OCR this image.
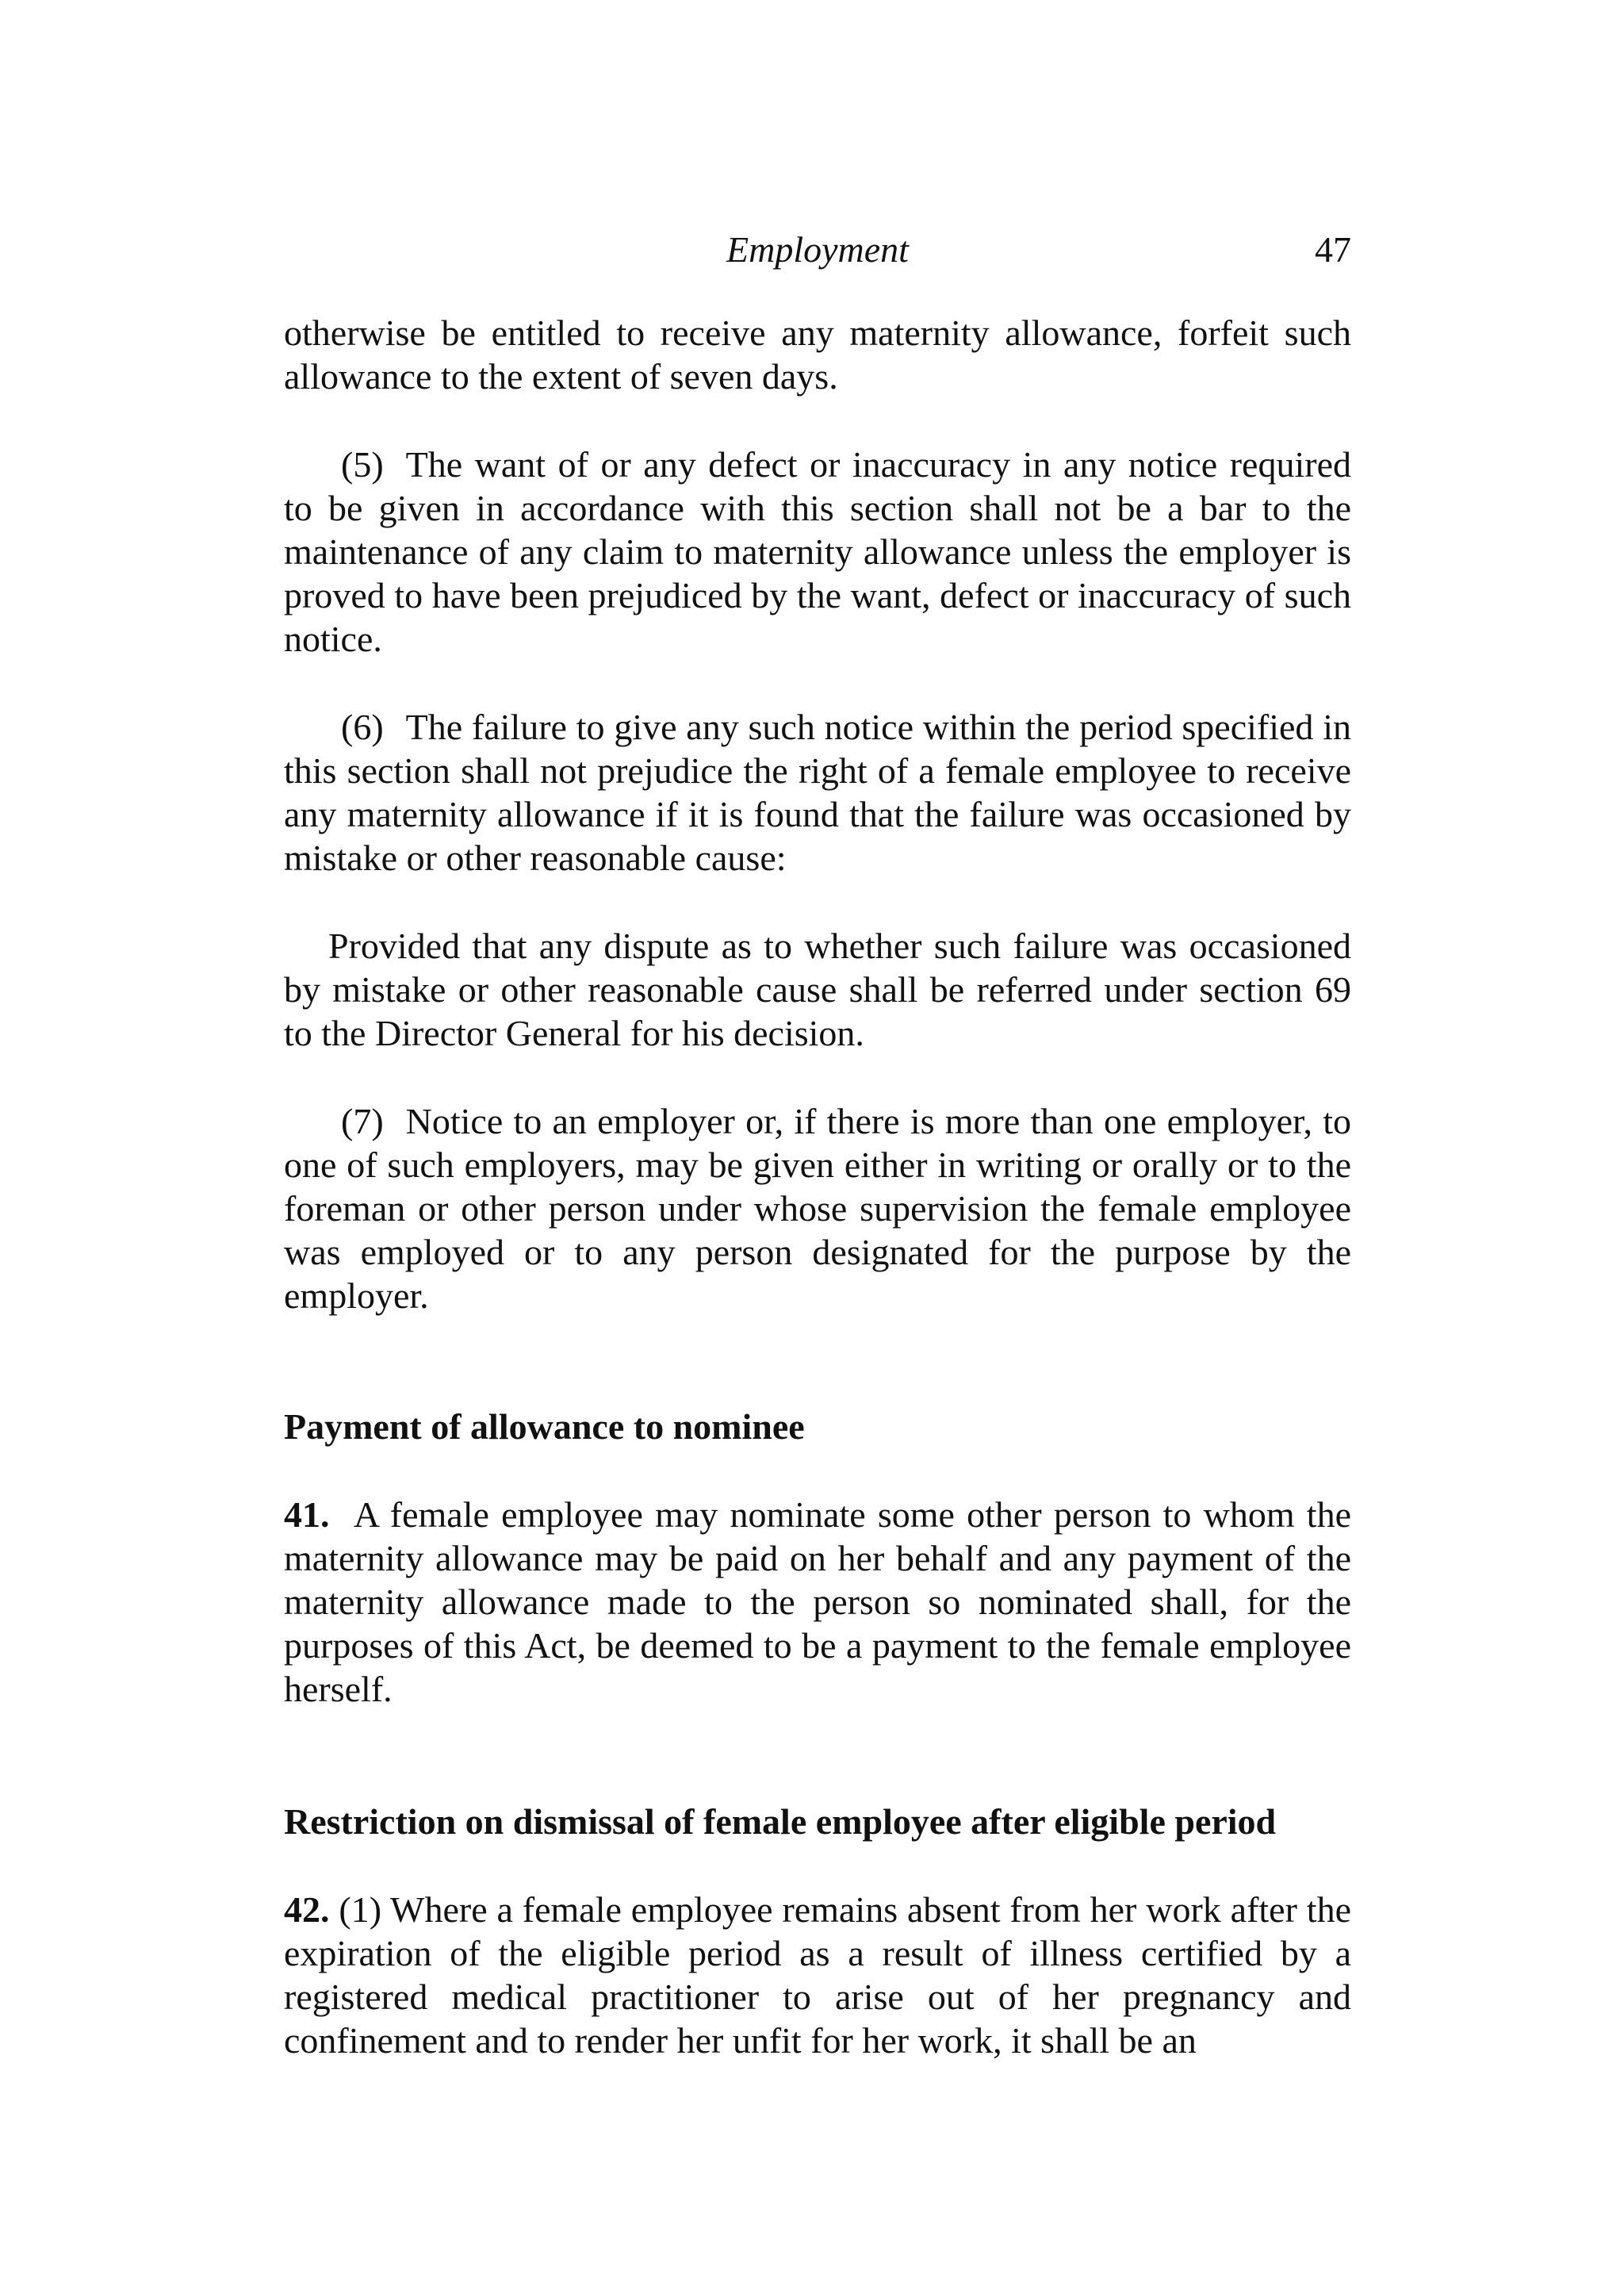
Employment	47

otherwise be entitled to receive any maternity allowance, forfeit such allowance to the extent of seven days.

(5) The want of or any defect or inaccuracy in any notice required to be given in accordance with this section shall not be a bar to the maintenance of any claim to maternity allowance unless the employer is proved to have been prejudiced by the want, defect or inaccuracy of such notice.

(6) The failure to give any such notice within the period specified in this section shall not prejudice the right of a female employee to receive any maternity allowance if it is found that the failure was occasioned by mistake or other reasonable cause:

Provided that any dispute as to whether such failure was occasioned by mistake or other reasonable cause shall be referred under section 69 to the Director General for his decision.

(7) Notice to an employer or, if there is more than one employer, to one of such employers, may be given either in writing or orally or to the foreman or other person under whose supervision the female employee was employed or to any person designated for the purpose by the employer.

Payment of allowance to nominee

41. A female employee may nominate some other person to whom the maternity allowance may be paid on her behalf and any payment of the maternity allowance made to the person so nominated shall, for the purposes of this Act, be deemed to be a payment to the female employee herself.

Restriction on dismissal of female employee after eligible period

42. (1) Where a female employee remains absent from her work after the expiration of the eligible period as a result of illness certified by a registered medical practitioner to arise out of her pregnancy and confinement and to render her unfit for her work, it shall be an
